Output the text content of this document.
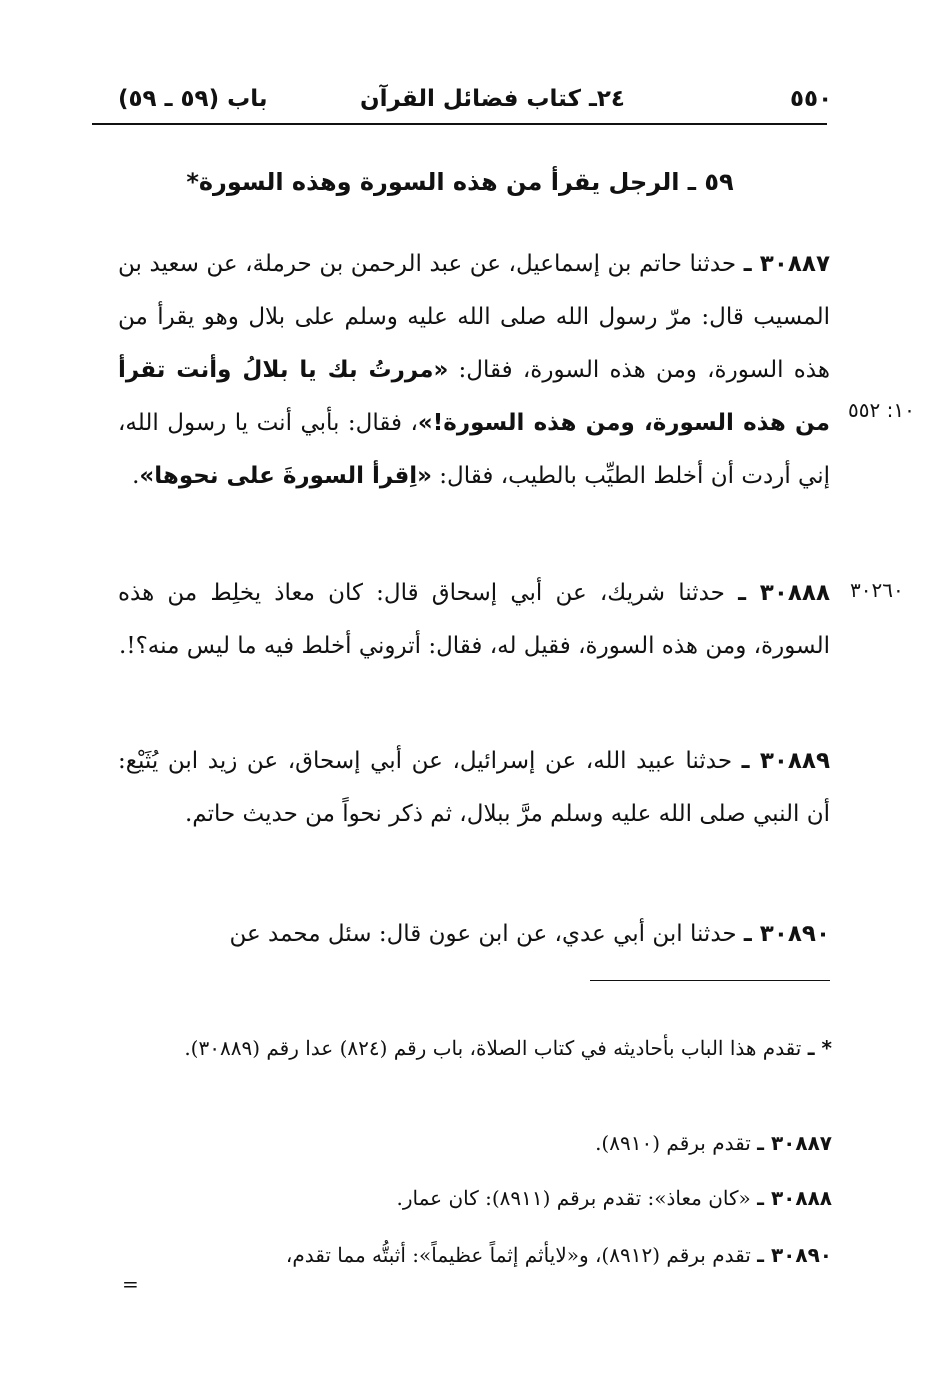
٥٥٠
٢٤ـ كتاب فضائل القرآن
باب (٥٩ ـ ٥٩)
٥٩ ـ الرجل يقرأ من هذه السورة وهذه السورة*
٣٠٨٨٧ ـ حدثنا حاتم بن إسماعيل، عن عبد الرحمن بن حرملة، عن سعيد بن المسيب قال: مرّ رسول الله صلى الله عليه وسلم على بلال وهو يقرأ من هذه السورة، ومن هذه السورة، فقال: «مررتُ بك يا بلالُ وأنت تقرأ من هذه السورة، ومن هذه السورة!»، فقال: بأبي أنت يا رسول الله، إني أردت أن أخلط الطيِّب بالطيب، فقال: «اِقرأ السورةَ على نحوها».
١٠: ٥٥٢
٣٠٨٨٨ ـ حدثنا شريك، عن أبي إسحاق قال: كان معاذ يخلِط من هذه السورة، ومن هذه السورة، فقيل له، فقال: أتروني أخلط فيه ما ليس منه؟!.
٣٠٢٦٠
٣٠٨٨٩ ـ حدثنا عبيد الله، عن إسرائيل، عن أبي إسحاق، عن زيد ابن يُثَيْع: أن النبي صلى الله عليه وسلم مرَّ ببلال، ثم ذكر نحواً من حديث حاتم.
٣٠٨٩٠ ـ حدثنا ابن أبي عدي، عن ابن عون قال: سئل محمد عن
* ـ تقدم هذا الباب بأحاديثه في كتاب الصلاة، باب رقم (٨٢٤) عدا رقم (٣٠٨٨٩).
٣٠٨٨٧ ـ تقدم برقم (٨٩١٠).
٣٠٨٨٨ ـ «كان معاذ»: تقدم برقم (٨٩١١): كان عمار.
٣٠٨٩٠ ـ تقدم برقم (٨٩١٢)، و«لايأثم إثماً عظيماً»: أثبتُّه مما تقدم،
=
